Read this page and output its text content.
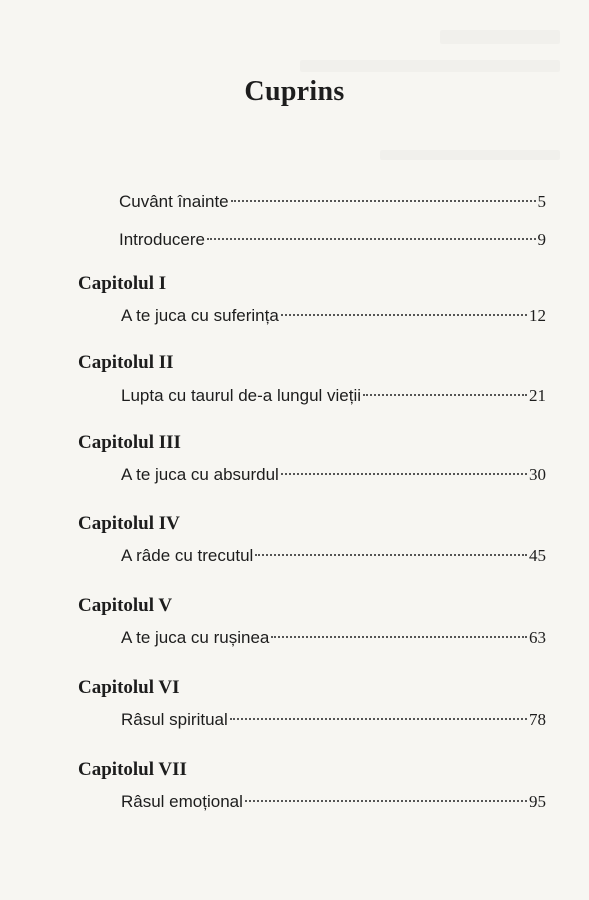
Cuprins
Cuvânt înainte	5
Introducere	9
Capitolul I
A te juca cu suferința	12
Capitolul II
Lupta cu taurul de-a lungul vieții	21
Capitolul III
A te juca cu absurdul	30
Capitolul IV
A râde cu trecutul	45
Capitolul V
A te juca cu rușinea	63
Capitolul VI
Râsul spiritual	78
Capitolul VII
Râsul emoțional	95
